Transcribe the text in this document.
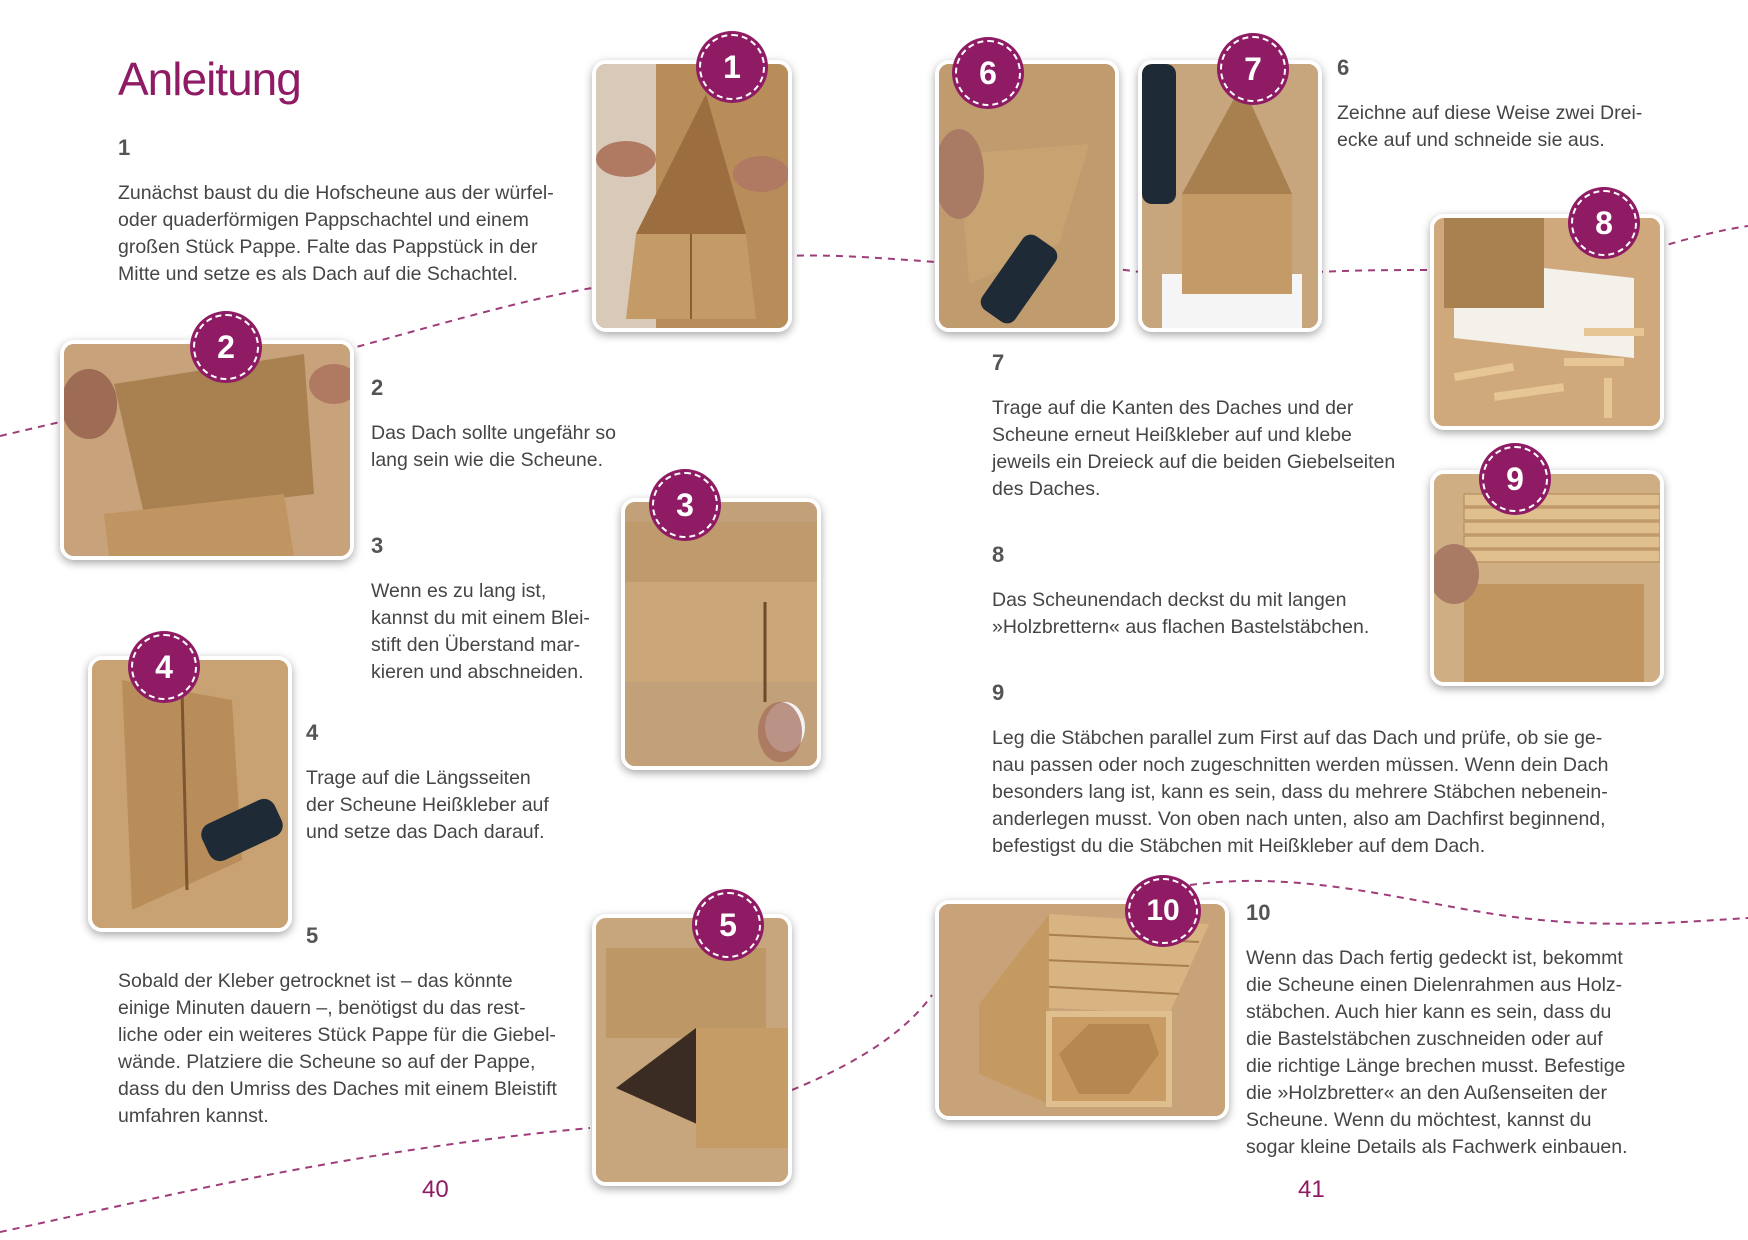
Anleitung	1
1

Zunächst baust du die Hofscheune aus der würfel-
oder quaderförmigen Pappschachtel und einem
großen Stück Pappe. Falte das Pappstück in der
Mitte und setze es als Dach auf die Schachtel.

2
2

Das Dach sollte ungefähr so
lang sein wie die Scheune.

3
3

Wenn es zu lang ist,
kannst du mit einem Blei-
stift den Überstand mar-
kieren und abschneiden.

4
4

Trage auf die Längsseiten
der Scheune Heißkleber auf
und setze das Dach darauf.

5
5

Sobald der Kleber getrocknet ist – das könnte
einige Minuten dauern –, benötigst du das rest-
liche oder ein weiteres Stück Pappe für die Giebel-
wände. Platziere die Scheune so auf der Pappe,
dass du den Umriss des Daches mit einem Bleistift
umfahren kannst.

40
6	7	6

Zeichne auf diese Weise zwei Drei-
ecke auf und schneide sie aus.

8
7

Trage auf die Kanten des Daches und der
Scheune erneut Heißkleber auf und klebe
jeweils ein Dreieck auf die beiden Giebelseiten
des Daches.	9
8

Das Scheunendach deckst du mit langen
»Holzbrettern« aus flachen Bastelstäbchen.

9

Leg die Stäbchen parallel zum First auf das Dach und prüfe, ob sie ge-
nau passen oder noch zugeschnitten werden müssen. Wenn dein Dach
besonders lang ist, kann es sein, dass du mehrere Stäbchen nebenein-
anderlegen musst. Von oben nach unten, also am Dachfirst beginnend,
befestigst du die Stäbchen mit Heißkleber auf dem Dach.

10	10

Wenn das Dach fertig gedeckt ist, bekommt
die Scheune einen Dielenrahmen aus Holz-
stäbchen. Auch hier kann es sein, dass du
die Bastelstäbchen zuschneiden oder auf
die richtige Länge brechen musst. Befestige
die »Holzbretter« an den Außenseiten der
Scheune. Wenn du möchtest, kannst du
sogar kleine Details als Fachwerk einbauen.

41
